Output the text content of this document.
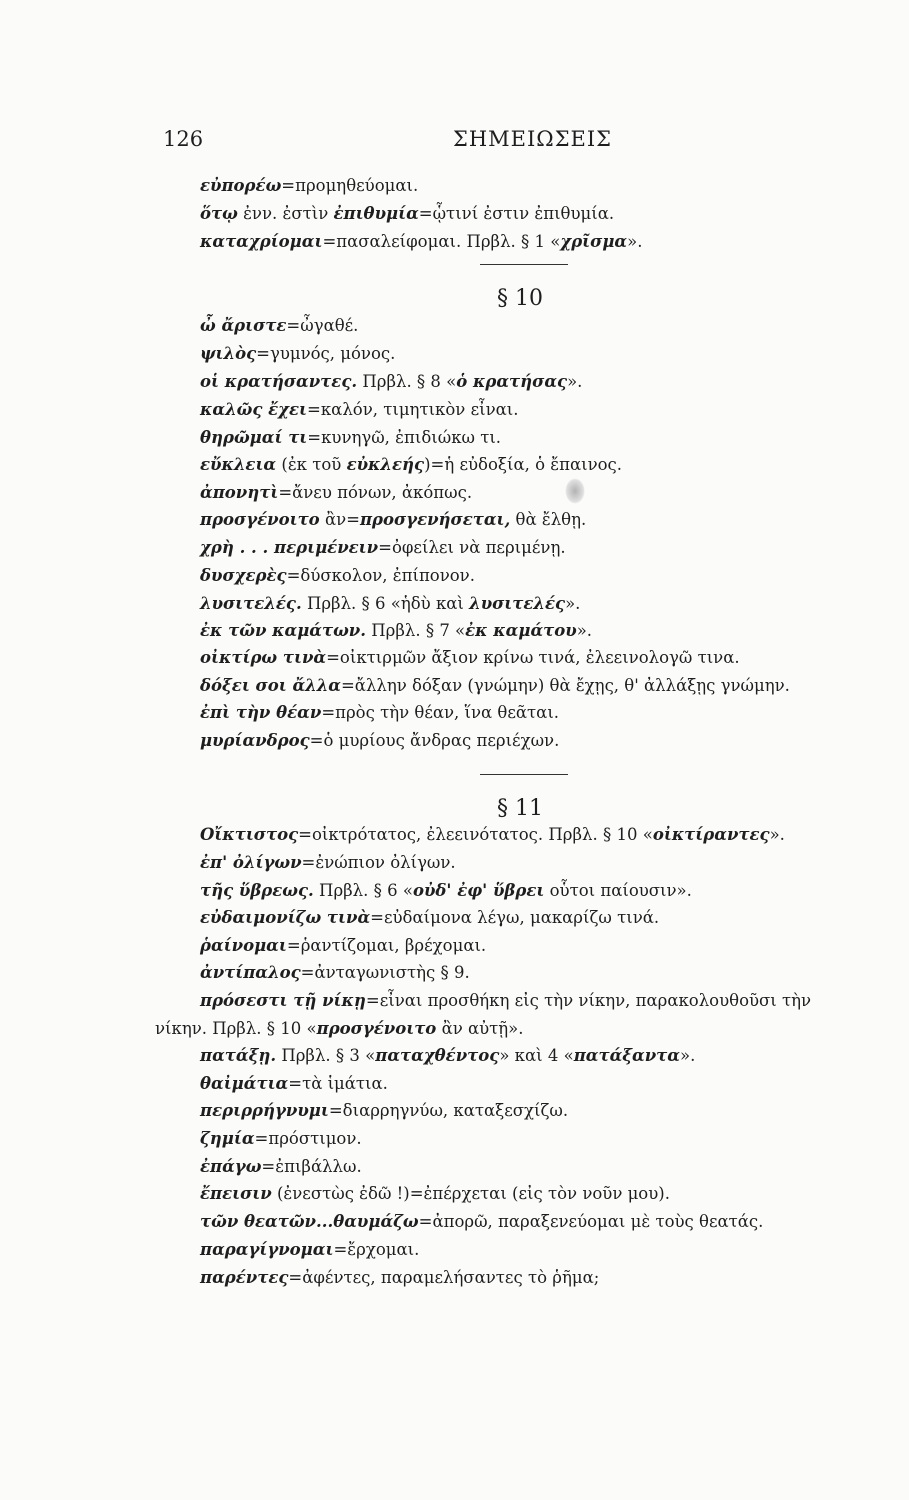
126	ΣΗΜΕΙΩΣΕΙΣ
§ 10
§ 11
εὐπορέω=προμηθεύομαι.
ὅτῳ ἐνν. ἐστὶν ἐπιθυμία=ᾧτινί ἐστιν ἐπιθυμία.
καταχρίομαι=πασαλείφομαι. Πρβλ. § 1 «χρῖσμα».
ὦ ἄριστε=ὦγαθέ.
ψιλὸς=γυμνός, μόνος.
οἱ κρατήσαντες. Πρβλ. § 8 «ὁ κρατήσας».
καλῶς ἔχει=καλόν, τιμητικὸν εἶναι.
θηρῶμαί τι=κυνηγῶ, ἐπιδιώκω τι.
εὔκλεια (ἐκ τοῦ εὐκλεής)=ἡ εὐδοξία, ὁ ἔπαινος.
ἀπονητὶ=ἄνευ πόνων, ἀκόπως.
προσγένοιτο ἂν=προσγενήσεται, θὰ ἔλθῃ.
χρὴ . . . περιμένειν=ὀφείλει νὰ περιμένῃ.
δυσχερὲς=δύσκολον, ἐπίπονον.
λυσιτελές. Πρβλ. § 6 «ἡδὺ καὶ λυσιτελές».
ἐκ τῶν καμάτων. Πρβλ. § 7 «ἐκ καμάτου».
οἰκτίρω τινὰ=οἰκτιρμῶν ἄξιον κρίνω τινά, ἐλεεινολογῶ τινα.
δόξει σοι ἄλλα=ἄλλην δόξαν (γνώμην) θὰ ἔχῃς, θ' ἀλλάξῃς γνώμην.
ἐπὶ τὴν θέαν=πρὸς τὴν θέαν, ἵνα θεᾶται.
μυρίανδρος=ὁ μυρίους ἄνδρας περιέχων.
Οἴκτιστος=οἰκτρότατος, ἐλεεινότατος. Πρβλ. § 10 «οἰκτίραντες».
ἐπ' ὀλίγων=ἐνώπιον ὀλίγων.
τῆς ὕβρεως. Πρβλ. § 6 «οὐδ' ἐφ' ὕβρει οὗτοι παίουσιν».
εὐδαιμονίζω τινὰ=εὐδαίμονα λέγω, μακαρίζω τινά.
ῥαίνομαι=ῥαντίζομαι, βρέχομαι.
ἀντίπαλος=ἀνταγωνιστὴς § 9.
πρόσεστι τῇ νίκῃ=εἶναι προσθήκη εἰς τὴν νίκην, παρακολουθοῦσι τὴν
νίκην. Πρβλ. § 10 «προσγένοιτο ἂν αὐτῇ».
πατάξῃ. Πρβλ. § 3 «παταχθέντος» καὶ 4 «πατάξαντα».
θαἰμάτια=τὰ ἱμάτια.
περιρρήγνυμι=διαρρηγνύω, καταξεσχίζω.
ζημία=πρόστιμον.
ἐπάγω=ἐπιβάλλω.
ἔπεισιν (ἐνεστὼς ἐδῶ !)=ἐπέρχεται (εἰς τὸν νοῦν μου).
τῶν θεατῶν...θαυμάζω=ἀπορῶ, παραξενεύομαι μὲ τοὺς θεατάς.
παραγίγνομαι=ἔρχομαι.
παρέντες=ἀφέντες, παραμελήσαντες τὸ ῥῆμα;
